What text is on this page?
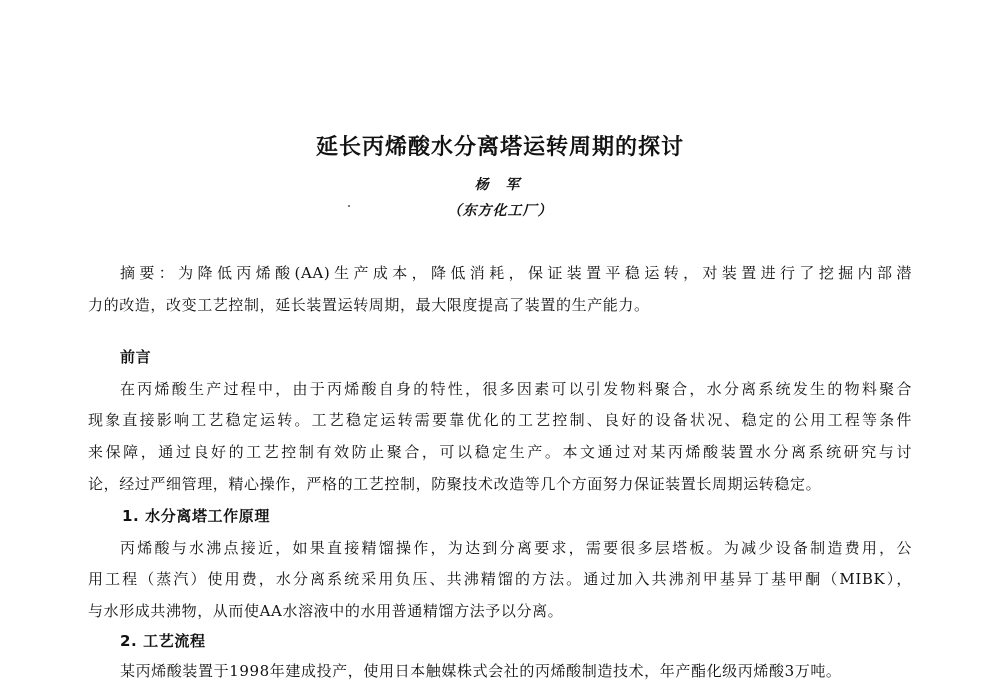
延长丙烯酸水分离塔运转周期的探讨
杨 军
（东方化工厂）
摘要：为降低丙烯酸(AA)生产成本，降低消耗，保证装置平稳运转，对装置进行了挖掘内部潜
力的改造，改变工艺控制，延长装置运转周期，最大限度提高了装置的生产能力。
前言
在丙烯酸生产过程中，由于丙烯酸自身的特性，很多因素可以引发物料聚合，水分离系统发生的物料聚合
现象直接影响工艺稳定运转。工艺稳定运转需要靠优化的工艺控制、良好的设备状况、稳定的公用工程等条件
来保障，通过良好的工艺控制有效防止聚合，可以稳定生产。本文通过对某丙烯酸装置水分离系统研究与讨
论，经过严细管理，精心操作，严格的工艺控制，防聚技术改造等几个方面努力保证装置长周期运转稳定。
1. 水分离塔工作原理
丙烯酸与水沸点接近，如果直接精馏操作，为达到分离要求，需要很多层塔板。为减少设备制造费用，公
用工程（蒸汽）使用费，水分离系统采用负压、共沸精馏的方法。通过加入共沸剂甲基异丁基甲酮（MIBK），
与水形成共沸物，从而使AA水溶液中的水用普通精馏方法予以分离。
2. 工艺流程
某丙烯酸装置于1998年建成投产，使用日本触媒株式会社的丙烯酸制造技术，年产酯化级丙烯酸3万吨。
